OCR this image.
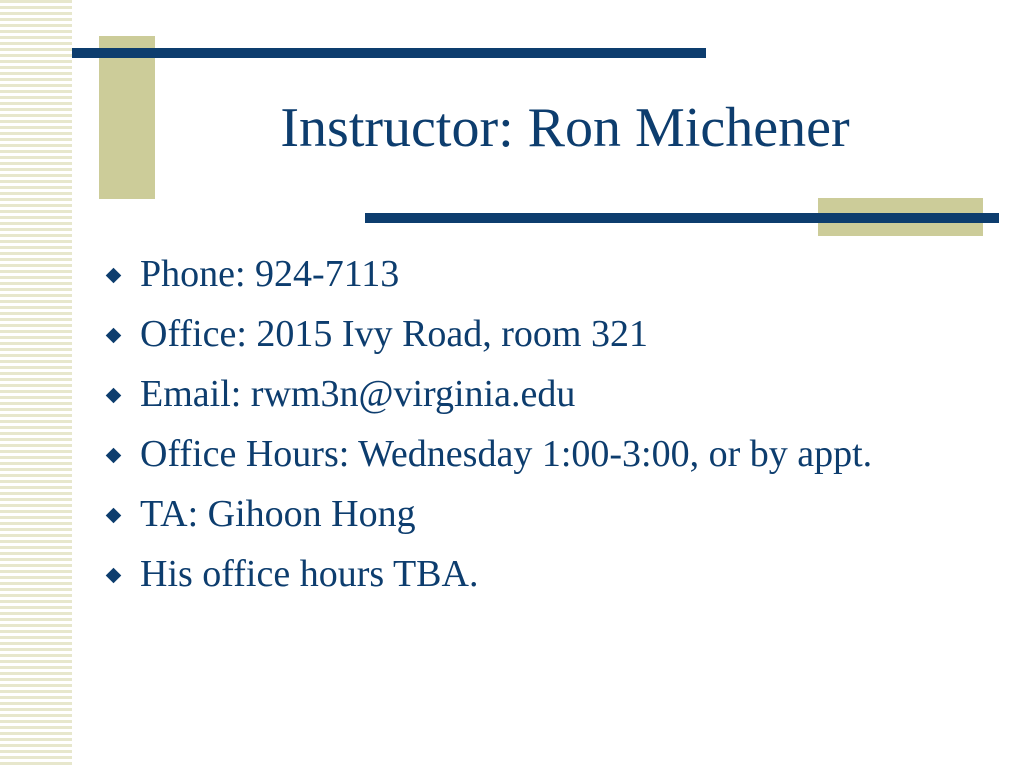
Instructor: Ron Michener
Phone: 924-7113
Office: 2015 Ivy Road, room 321
Email: rwm3n@virginia.edu
Office Hours: Wednesday 1:00-3:00, or by appt.
TA: Gihoon Hong
His office hours TBA.
